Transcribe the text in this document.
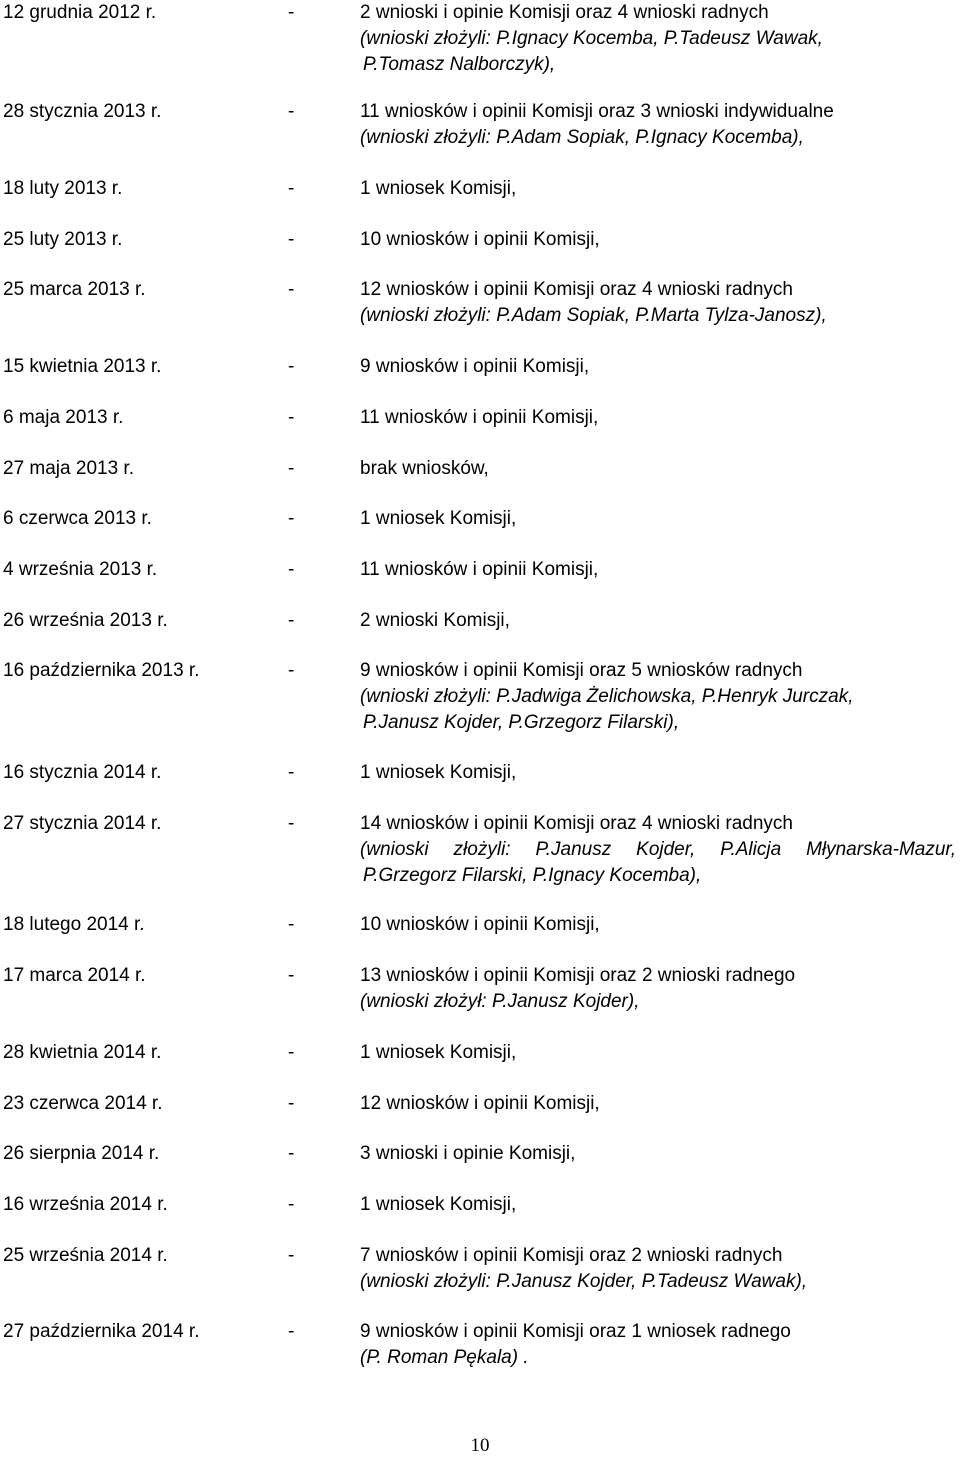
12 grudnia 2012 r.	-	2 wnioski i opinie Komisji oraz 4 wnioski radnych
(wnioski złożyli: P.Ignacy Kocemba, P.Tadeusz Wawak,
P.Tomasz Nalborczyk),
28 stycznia 2013 r.	-	11 wniosków i opinii Komisji oraz 3 wnioski indywidualne
(wnioski złożyli: P.Adam Sopiak, P.Ignacy Kocemba),
18 luty 2013 r.	-	1 wniosek Komisji,
25 luty 2013 r.	-	10 wniosków i opinii Komisji,
25 marca 2013 r.	-	12 wniosków i opinii Komisji oraz 4 wnioski radnych
(wnioski złożyli: P.Adam Sopiak, P.Marta Tylza-Janosz),
15 kwietnia 2013 r.	-	9 wniosków i opinii Komisji,
6 maja 2013 r.	-	11 wniosków i opinii Komisji,
27 maja 2013 r.	-	brak wniosków,
6 czerwca 2013 r.	-	1 wniosek Komisji,
4 września 2013 r.	-	11 wniosków i opinii Komisji,
26 września 2013 r.	-	2 wnioski Komisji,
16 października 2013 r.	-	9 wniosków i opinii Komisji oraz 5 wniosków radnych
(wnioski złożyli: P.Jadwiga Żelichowska, P.Henryk Jurczak,
P.Janusz Kojder, P.Grzegorz Filarski),
16 stycznia 2014 r.	-	1 wniosek Komisji,
27 stycznia 2014 r.	-	14 wniosków i opinii Komisji oraz 4 wnioski radnych
(wnioski złożyli: P.Janusz Kojder, P.Alicja Młynarska-Mazur,
P.Grzegorz Filarski, P.Ignacy Kocemba),
18 lutego 2014 r.	-	10 wniosków i opinii Komisji,
17 marca 2014 r.	-	13 wniosków i opinii Komisji oraz 2 wnioski radnego
(wnioski złożył: P.Janusz Kojder),
28 kwietnia 2014 r.	-	1 wniosek Komisji,
23 czerwca 2014 r.	-	12 wniosków i opinii Komisji,
26 sierpnia 2014 r.	-	3 wnioski i opinie Komisji,
16 września 2014 r.	-	1 wniosek Komisji,
25 września 2014 r.	-	7 wniosków i opinii Komisji oraz 2 wnioski radnych
(wnioski złożyli: P.Janusz Kojder, P.Tadeusz Wawak),
27 października 2014 r.	-	9 wniosków i opinii Komisji oraz 1 wniosek radnego
(P. Roman Pękala) .
10
